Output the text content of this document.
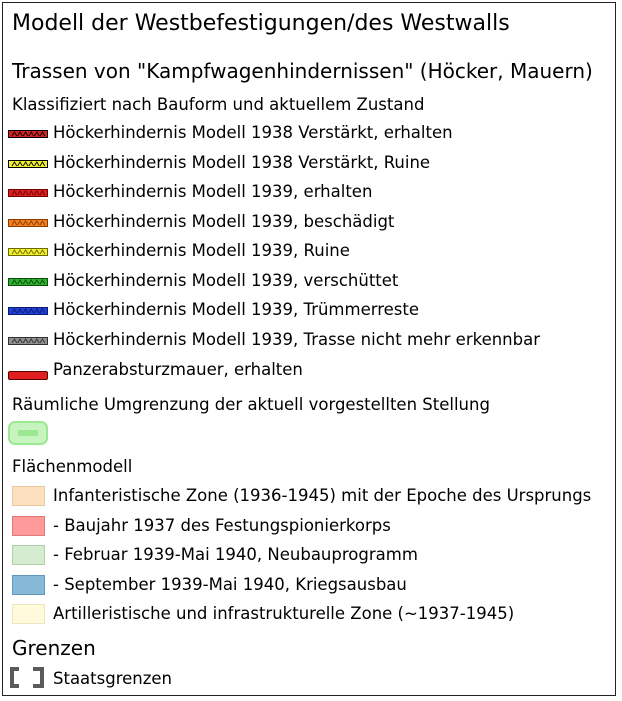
Modell der Westbefestigungen/des Westwalls
Trassen von "Kampfwagenhindernissen" (Höcker, Mauern)
Klassifiziert nach Bauform und aktuellem Zustand
Höckerhindernis Modell 1938 Verstärkt, erhalten
Höckerhindernis Modell 1938 Verstärkt, Ruine
Höckerhindernis Modell 1939, erhalten
Höckerhindernis Modell 1939, beschädigt
Höckerhindernis Modell 1939, Ruine
Höckerhindernis Modell 1939, verschüttet
Höckerhindernis Modell 1939, Trümmerreste
Höckerhindernis Modell 1939, Trasse nicht mehr erkennbar
Panzerabsturzmauer, erhalten
Räumliche Umgrenzung der aktuell vorgestellten Stellung
Flächenmodell
Infanteristische Zone (1936-1945) mit der Epoche des Ursprungs
- Baujahr 1937 des Festungspionierkorps
- Februar 1939-Mai 1940, Neubauprogramm
- September 1939-Mai 1940, Kriegsausbau
Artilleristische und infrastrukturelle Zone (~1937-1945)
Grenzen
Staatsgrenzen
